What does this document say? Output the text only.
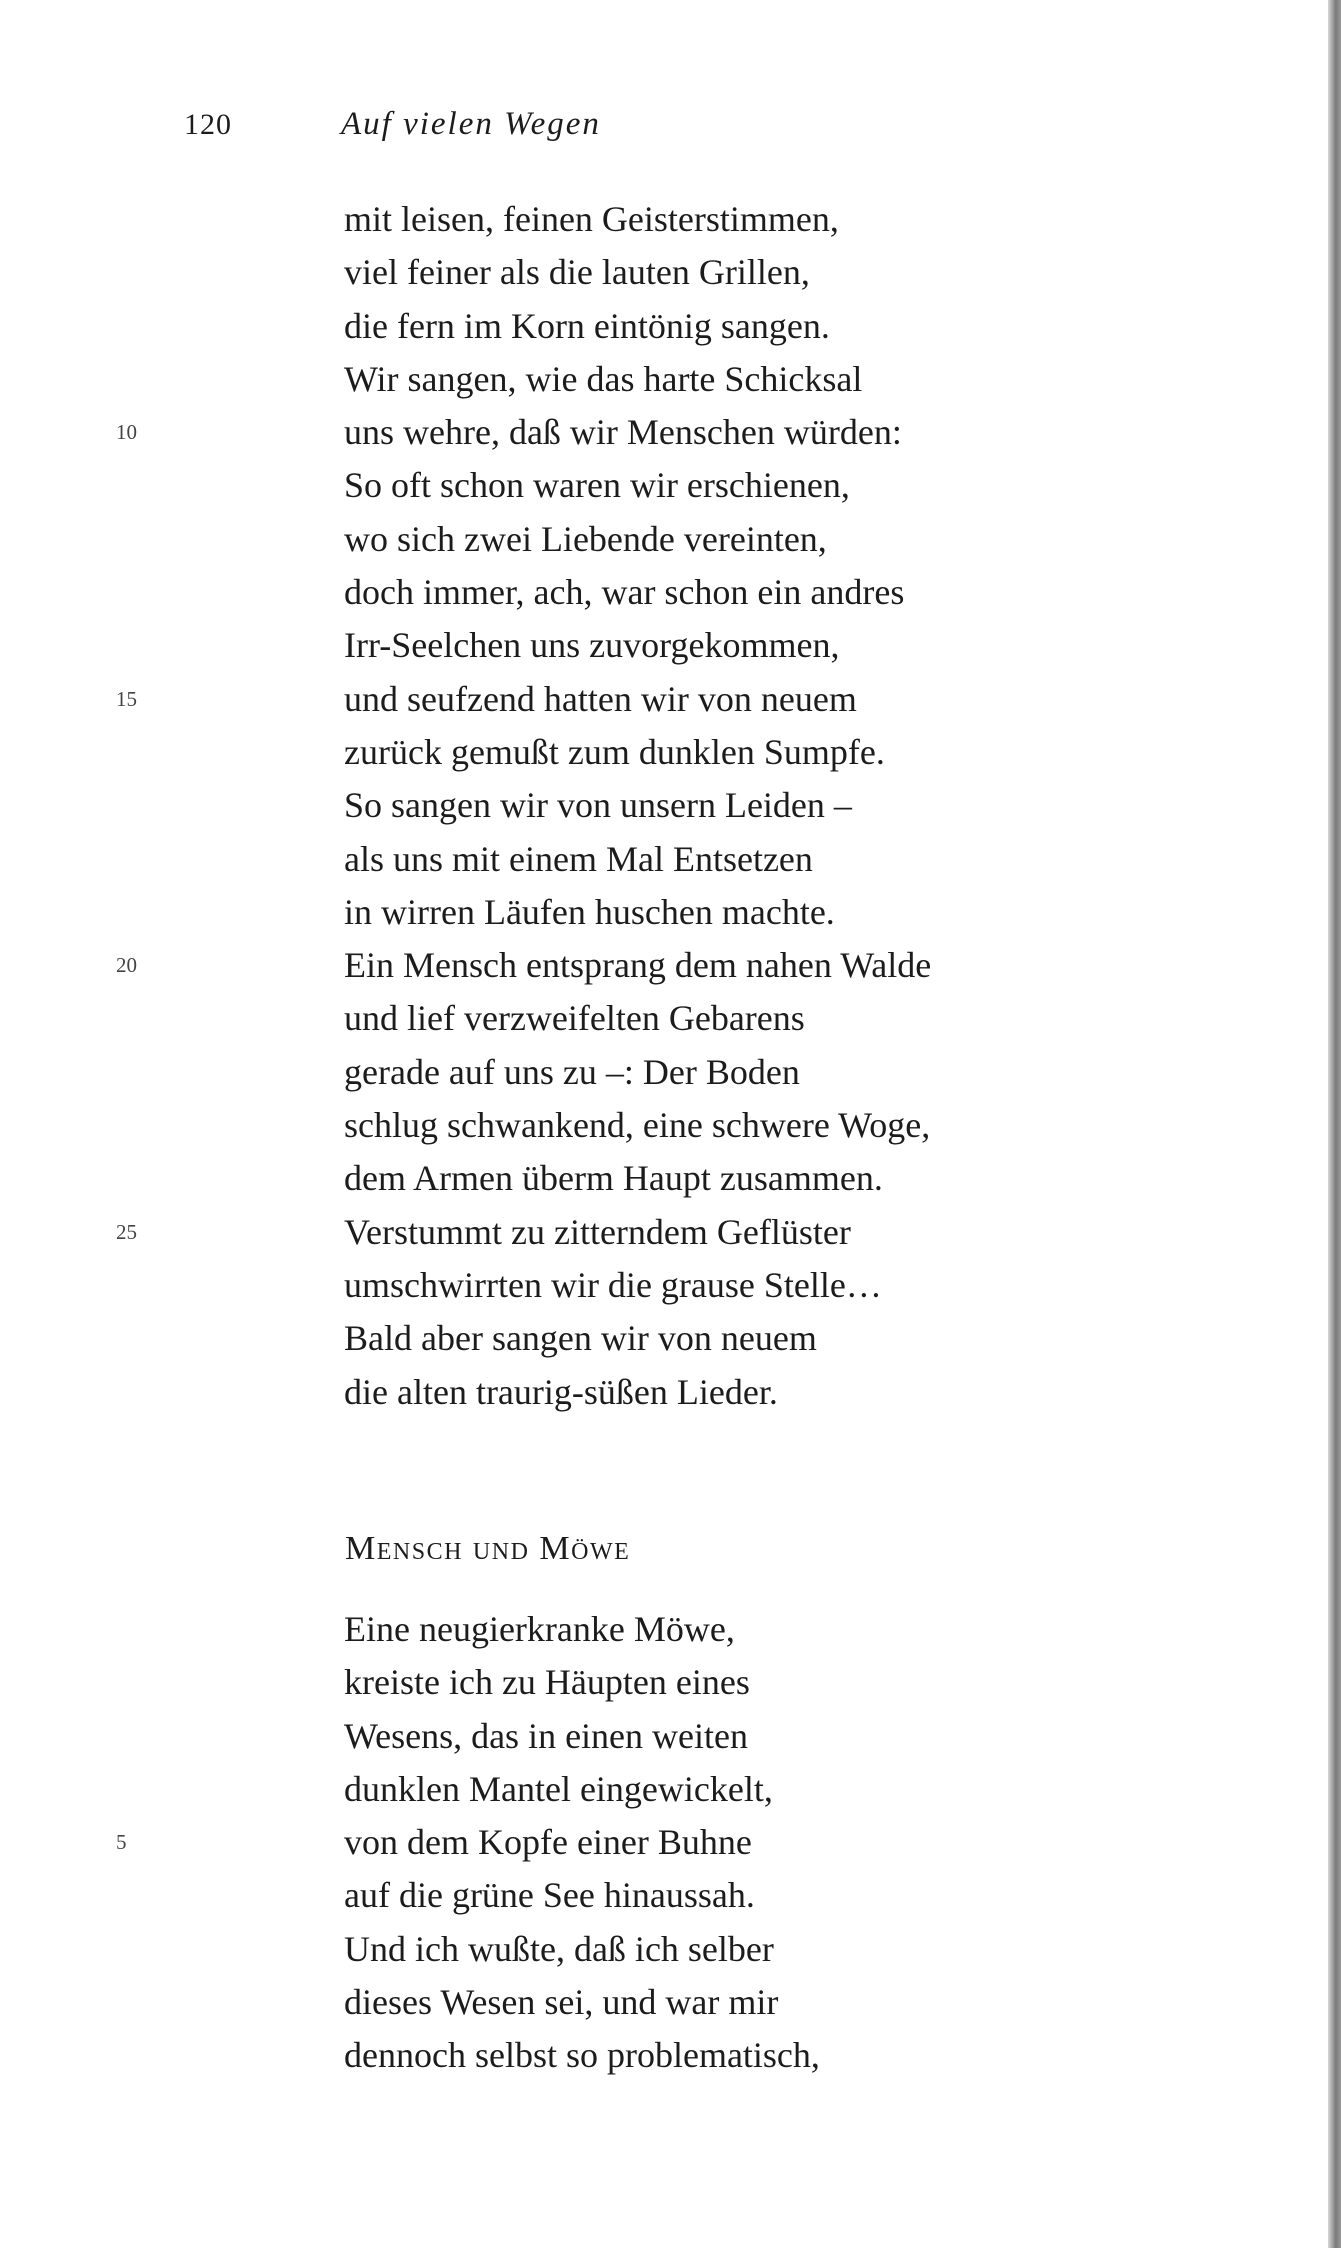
120	Auf vielen Wegen
mit leisen, feinen Geisterstimmen,
viel feiner als die lauten Grillen,
die fern im Korn eintönig sangen.
Wir sangen, wie das harte Schicksal
10	uns wehre, daß wir Menschen würden:
So oft schon waren wir erschienen,
wo sich zwei Liebende vereinten,
doch immer, ach, war schon ein andres
Irr-Seelchen uns zuvorgekommen,
15	und seufzend hatten wir von neuem
zurück gemußt zum dunklen Sumpfe.
So sangen wir von unsern Leiden –
als uns mit einem Mal Entsetzen
in wirren Läufen huschen machte.
20	Ein Mensch entsprang dem nahen Walde
und lief verzweifelten Gebarens
gerade auf uns zu –: Der Boden
schlug schwankend, eine schwere Woge,
dem Armen überm Haupt zusammen.
25	Verstummt zu zitterndem Geflüster
umschwirrten wir die grause Stelle…
Bald aber sangen wir von neuem
die alten traurig-süßen Lieder.
Mensch und Möwe
Eine neugierkranke Möwe,
kreiste ich zu Häupten eines
Wesens, das in einen weiten
dunklen Mantel eingewickelt,
5	von dem Kopfe einer Buhne
auf die grüne See hinaussah.
Und ich wußte, daß ich selber
dieses Wesen sei, und war mir
dennoch selbst so problematisch,
